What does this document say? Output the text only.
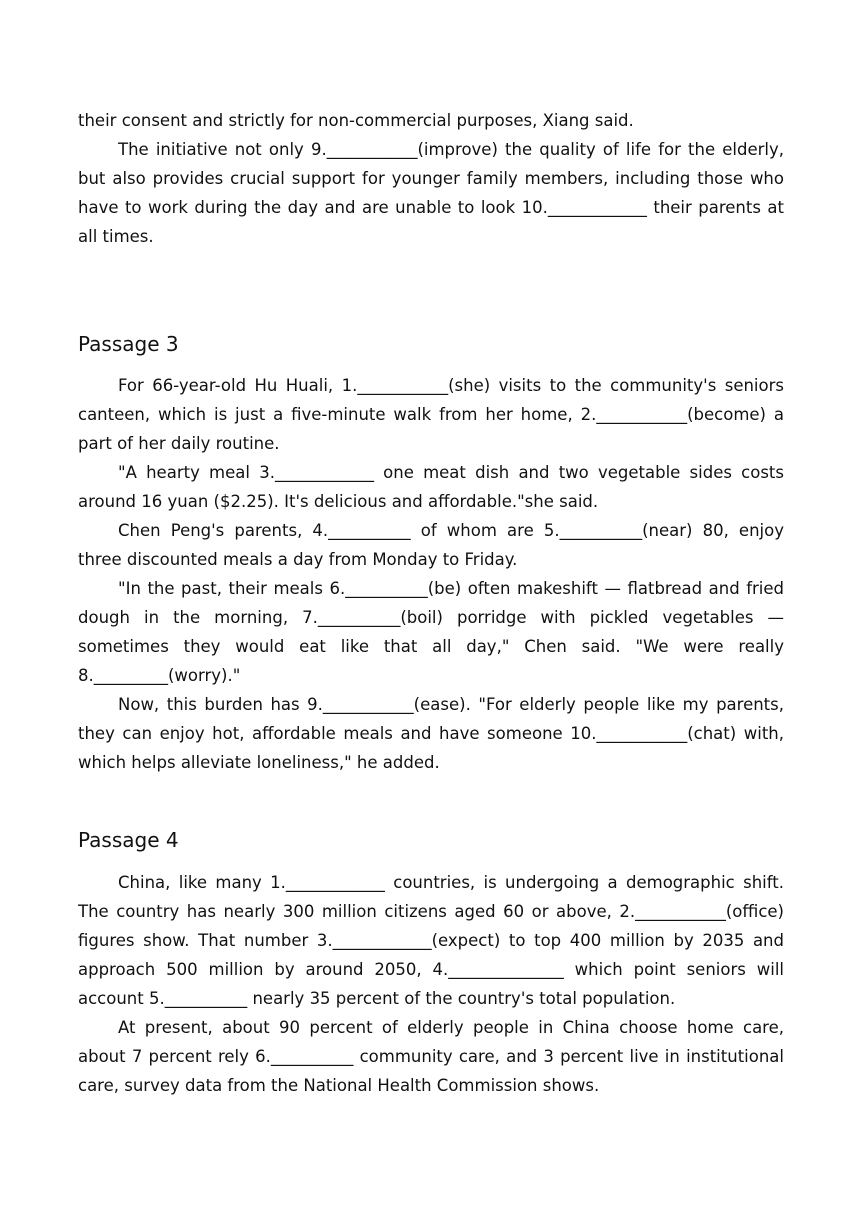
their consent and strictly for non-commercial purposes, Xiang said.

The initiative not only 9.___________(improve) the quality of life for the elderly, but also provides crucial support for younger family members, including those who have to work during the day and are unable to look 10.____________ their parents at all times.

Passage 3

For 66-year-old Hu Huali, 1.___________(she) visits to the community's seniors canteen, which is just a five-minute walk from her home, 2.___________(become) a part of her daily routine.

"A hearty meal 3.____________ one meat dish and two vegetable sides costs around 16 yuan ($2.25). It's delicious and affordable."she said.

Chen Peng's parents, 4.__________ of whom are 5.__________(near) 80, enjoy three discounted meals a day from Monday to Friday.

"In the past, their meals 6.__________(be) often makeshift — flatbread and fried dough in the morning, 7.__________(boil) porridge with pickled vegetables — sometimes they would eat like that all day," Chen said. "We were really 8._________(worry)."

Now, this burden has 9.___________(ease). "For elderly people like my parents, they can enjoy hot, affordable meals and have someone 10.___________(chat) with, which helps alleviate loneliness," he added.

Passage 4

China, like many 1.____________ countries, is undergoing a demographic shift. The country has nearly 300 million citizens aged 60 or above, 2.___________(office) figures show. That number 3.____________(expect) to top 400 million by 2035 and approach 500 million by around 2050, 4.______________ which point seniors will account 5.__________ nearly 35 percent of the country's total population.

At present, about 90 percent of elderly people in China choose home care, about 7 percent rely 6.__________ community care, and 3 percent live in institutional care, survey data from the National Health Commission shows.
